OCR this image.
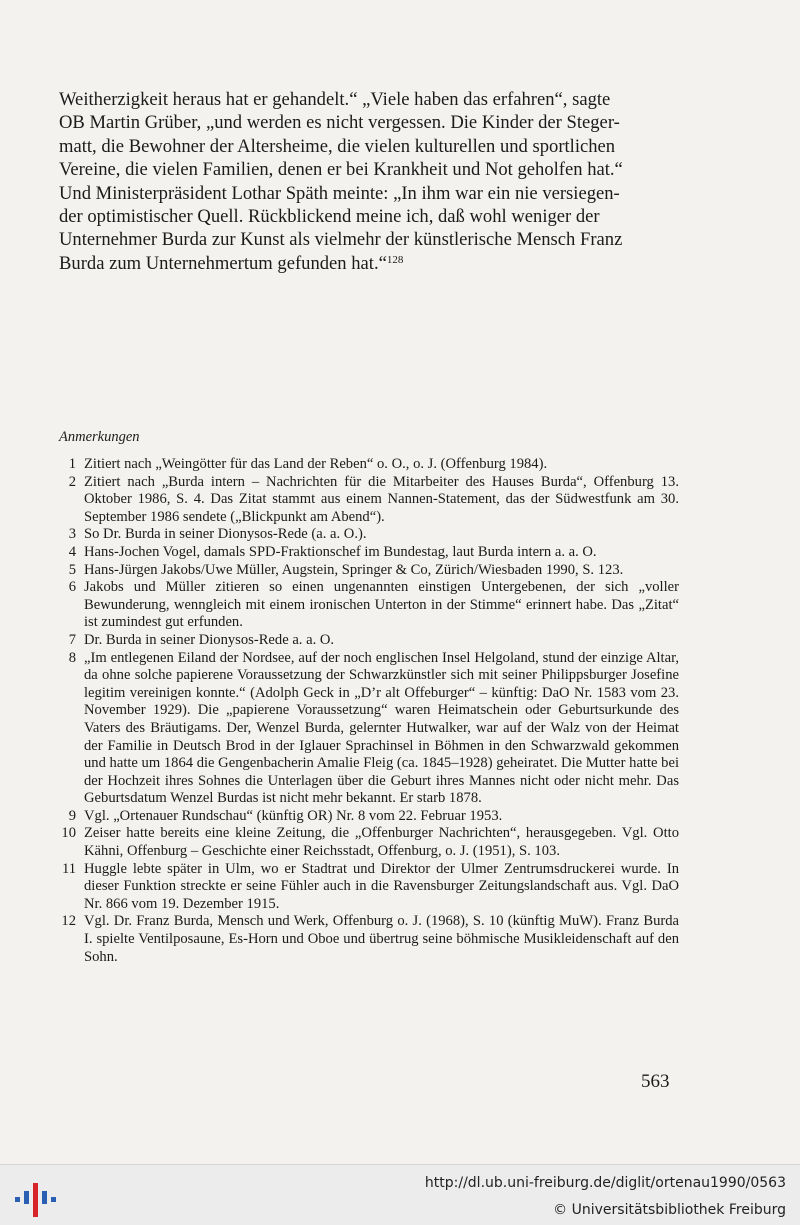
Weitherzigkeit heraus hat er gehandelt.“ „Viele haben das erfahren“, sagte
OB Martin Grüber, „und werden es nicht vergessen. Die Kinder der Steger-
matt, die Bewohner der Altersheime, die vielen kulturellen und sportlichen
Vereine, die vielen Familien, denen er bei Krankheit und Not geholfen hat.“
Und Ministerpräsident Lothar Späth meinte: „In ihm war ein nie versiegen-
der optimistischer Quell. Rückblickend meine ich, daß wohl weniger der
Unternehmer Burda zur Kunst als vielmehr der künstlerische Mensch Franz
Burda zum Unternehmertum gefunden hat.“$^{128}$

Anmerkungen
1 Zitiert nach „Weingötter für das Land der Reben“ o. O., o. J. (Offenburg 1984).
2 Zitiert nach „Burda intern – Nachrichten für die Mitarbeiter des Hauses Burda“, Offenburg 13. Oktober 1986, S. 4. Das Zitat stammt aus einem Nannen-Statement, das der Südwestfunk am 30. September 1986 sendete („Blickpunkt am Abend“).
3 So Dr. Burda in seiner Dionysos-Rede (a. a. O.).
4 Hans-Jochen Vogel, damals SPD-Fraktionschef im Bundestag, laut Burda intern a. a. O.
5 Hans-Jürgen Jakobs/Uwe Müller, Augstein, Springer & Co, Zürich/Wiesbaden 1990, S. 123.
6 Jakobs und Müller zitieren so einen ungenannten einstigen Untergebenen, der sich „voller Bewunderung, wenngleich mit einem ironischen Unterton in der Stimme“ erinnert habe. Das „Zitat“ ist zumindest gut erfunden.
7 Dr. Burda in seiner Dionysos-Rede a. a. O.
8 „Im entlegenen Eiland der Nordsee, auf der noch englischen Insel Helgoland, stund der einzige Altar, da ohne solche papierene Voraussetzung der Schwarzkünstler sich mit seiner Philippsburger Josefine legitim vereinigen konnte.“ (Adolph Geck in „D’r alt Offeburger“ – künftig: DaO Nr. 1583 vom 23. November 1929). Die „papierene Voraussetzung“ waren Heimatschein oder Geburtsurkunde des Vaters des Bräutigams. Der, Wenzel Burda, gelernter Hutwalker, war auf der Walz von der Heimat der Familie in Deutsch Brod in der Iglauer Sprachinsel in Böhmen in den Schwarzwald gekommen und hatte um 1864 die Gengenbacherin Amalie Fleig (ca. 1845–1928) geheiratet. Die Mutter hatte bei der Hochzeit ihres Sohnes die Unterlagen über die Geburt ihres Mannes nicht oder nicht mehr. Das Geburtsdatum Wenzel Burdas ist nicht mehr bekannt. Er starb 1878.
9 Vgl. „Ortenauer Rundschau“ (künftig OR) Nr. 8 vom 22. Februar 1953.
10 Zeiser hatte bereits eine kleine Zeitung, die „Offenburger Nachrichten“, herausgegeben. Vgl. Otto Kähni, Offenburg – Geschichte einer Reichsstadt, Offenburg, o. J. (1951), S. 103.
11 Huggle lebte später in Ulm, wo er Stadtrat und Direktor der Ulmer Zentrumsdruckerei wurde. In dieser Funktion streckte er seine Fühler auch in die Ravensburger Zeitungslandschaft aus. Vgl. DaO Nr. 866 vom 19. Dezember 1915.
12 Vgl. Dr. Franz Burda, Mensch und Werk, Offenburg o. J. (1968), S. 10 (künftig MuW). Franz Burda I. spielte Ventilposaune, Es-Horn und Oboe und übertrug seine böhmische Musikleidenschaft auf den Sohn.
563
http://dl.ub.uni-freiburg.de/diglit/ortenau1990/0563
© Universitätsbibliothek Freiburg
